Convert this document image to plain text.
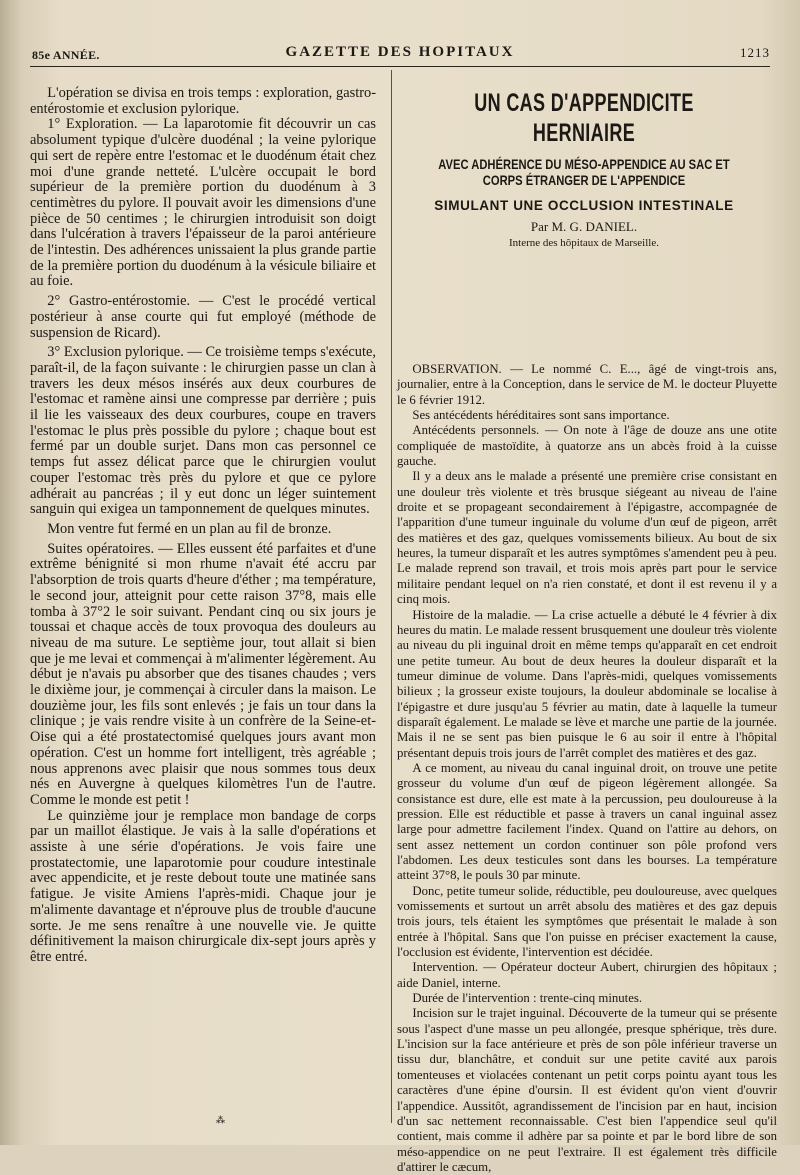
85e ANNÉE.	GAZETTE DES HOPITAUX	1213

L'opération se divisa en trois temps : exploration, gastro-entérostomie et exclusion pylorique.

1° Exploration. — La laparotomie fit découvrir un cas absolument typique d'ulcère duodénal ; la veine pylorique qui sert de repère entre l'estomac et le duodénum était chez moi d'une grande netteté. L'ulcère occupait le bord supérieur de la première portion du duodénum à 3 centimètres du pylore. Il pouvait avoir les dimensions d'une pièce de 50 centimes ; le chirurgien introduisit son doigt dans l'ulcération à travers l'épaisseur de la paroi antérieure de l'intestin. Des adhérences unissaient la plus grande partie de la première portion du duodénum à la vésicule biliaire et au foie.

2° Gastro-entérostomie. — C'est le procédé vertical postérieur à anse courte qui fut employé (méthode de suspension de Ricard).

3° Exclusion pylorique. — Ce troisième temps s'exécute, paraît-il, de la façon suivante : le chirurgien passe un clan à travers les deux mésos insérés aux deux courbures de l'estomac et ramène ainsi une compresse par derrière ; puis il lie les vaisseaux des deux courbures, coupe en travers l'estomac le plus près possible du pylore ; chaque bout est fermé par un double surjet. Dans mon cas personnel ce temps fut assez délicat parce que le chirurgien voulut couper l'estomac très près du pylore et que ce pylore adhérait au pancréas ; il y eut donc un léger suintement sanguin qui exigea un tamponnement de quelques minutes.

Mon ventre fut fermé en un plan au fil de bronze.

Suites opératoires. — Elles eussent été parfaites et d'une extrême bénignité si mon rhume n'avait été accru par l'absorption de trois quarts d'heure d'éther ; ma température, le second jour, atteignit pour cette raison 37°8, mais elle tomba à 37°2 le soir suivant. Pendant cinq ou six jours je toussai et chaque accès de toux provoqua des douleurs au niveau de ma suture. Le septième jour, tout allait si bien que je me levai et commençai à m'alimenter légèrement. Au début je n'avais pu absorber que des tisanes chaudes ; vers le dixième jour, je commençai à circuler dans la maison. Le douzième jour, les fils sont enlevés ; je fais un tour dans la clinique ; je vais rendre visite à un confrère de la Seine-et-Oise qui a été prostatectomisé quelques jours avant mon opération. C'est un homme fort intelligent, très agréable ; nous apprenons avec plaisir que nous sommes tous deux nés en Auvergne à quelques kilomètres l'un de l'autre. Comme le monde est petit !

Le quinzième jour je remplace mon bandage de corps par un maillot élastique. Je vais à la salle d'opérations et assiste à une série d'opérations. Je vois faire une prostatectomie, une laparotomie pour coudure intestinale avec appendicite, et je reste debout toute une matinée sans fatigue. Je visite Amiens l'après-midi. Chaque jour je m'alimente davantage et n'éprouve plus de trouble d'aucune sorte. Je me sens renaître à une nouvelle vie. Je quitte définitivement la maison chirurgicale dix-sept jours après y être entré.

⁂
UN CAS D'APPENDICITE HERNIAIRE
AVEC ADHÉRENCE DU MÉSO-APPENDICE AU SAC ET CORPS ÉTRANGER DE L'APPENDICE
SIMULANT UNE OCCLUSION INTESTINALE
Par M. G. DANIEL.
Interne des hôpitaux de Marseille.

OBSERVATION. — Le nommé C. E..., âgé de vingt-trois ans, journalier, entre à la Conception, dans le service de M. le docteur Pluyette le 6 février 1912.

Ses antécédents héréditaires sont sans importance.

Antécédents personnels. — On note à l'âge de douze ans une otite compliquée de mastoïdite, à quatorze ans un abcès froid à la cuisse gauche.

Il y a deux ans le malade a présenté une première crise consistant en une douleur très violente et très brusque siégeant au niveau de l'aine droite et se propageant secondairement à l'épigastre, accompagnée de l'apparition d'une tumeur inguinale du volume d'un œuf de pigeon, arrêt des matières et des gaz, quelques vomissements bilieux. Au bout de six heures, la tumeur disparaît et les autres symptômes s'amendent peu à peu. Le malade reprend son travail, et trois mois après part pour le service militaire pendant lequel on n'a rien constaté, et dont il est revenu il y a cinq mois.

Histoire de la maladie. — La crise actuelle a débuté le 4 février à dix heures du matin. Le malade ressent brusquement une douleur très violente au niveau du pli inguinal droit en même temps qu'apparaît en cet endroit une petite tumeur. Au bout de deux heures la douleur disparaît et la tumeur diminue de volume. Dans l'après-midi, quelques vomissements bilieux ; la grosseur existe toujours, la douleur abdominale se localise à l'épigastre et dure jusqu'au 5 février au matin, date à laquelle la tumeur disparaît également. Le malade se lève et marche une partie de la journée. Mais il ne se sent pas bien puisque le 6 au soir il entre à l'hôpital présentant depuis trois jours de l'arrêt complet des matières et des gaz.

A ce moment, au niveau du canal inguinal droit, on trouve une petite grosseur du volume d'un œuf de pigeon légèrement allongée. Sa consistance est dure, elle est mate à la percussion, peu douloureuse à la pression. Elle est réductible et passe à travers un canal inguinal assez large pour admettre facilement l'index. Quand on l'attire au dehors, on sent assez nettement un cordon continuer son pôle profond vers l'abdomen. Les deux testicules sont dans les bourses. La température atteint 37°8, le pouls 30 par minute.

Donc, petite tumeur solide, réductible, peu douloureuse, avec quelques vomissements et surtout un arrêt absolu des matières et des gaz depuis trois jours, tels étaient les symptômes que présentait le malade à son entrée à l'hôpital. Sans que l'on puisse en préciser exactement la cause, l'occlusion est évidente, l'intervention est décidée.

Intervention. — Opérateur docteur Aubert, chirurgien des hôpitaux ; aide Daniel, interne.

Durée de l'intervention : trente-cinq minutes.

Incision sur le trajet inguinal. Découverte de la tumeur qui se présente sous l'aspect d'une masse un peu allongée, presque sphérique, très dure. L'incision sur la face antérieure et près de son pôle inférieur traverse un tissu dur, blanchâtre, et conduit sur une petite cavité aux parois tomenteuses et violacées contenant un petit corps pointu ayant tous les caractères d'une épine d'oursin. Il est évident qu'on vient d'ouvrir l'appendice. Aussitôt, agrandissement de l'incision par en haut, incision d'un sac nettement reconnaissable. C'est bien l'appendice seul qu'il contient, mais comme il adhère par sa pointe et par le bord libre de son méso-appendice on ne peut l'extraire. Il est également très difficile d'attirer le cæcum,
